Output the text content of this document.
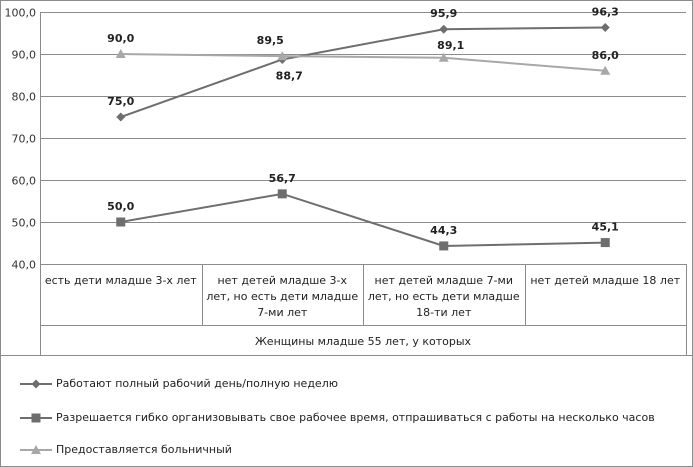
40,0
50,0
60,0
70,0
80,0
90,0
100,0
есть дети младше 3-х лет нет детей младше 3-х
лет, но есть дети младше
7-ми лет
нет детей младше 7-ми
лет, но есть дети младше
18-ти лет
нет детей младше 18 лет
Женщины младше 55 лет, у которых
75,0
88,7
95,9	96,3
50,0
56,7
44,3	45,1
90,0	89,5	89,1
86,0
Работают полный рабочий день/полную неделю
Разрешается гибко организовывать свое рабочее время, отпрашиваться с работы на несколько часов
Предоставляется больничный
